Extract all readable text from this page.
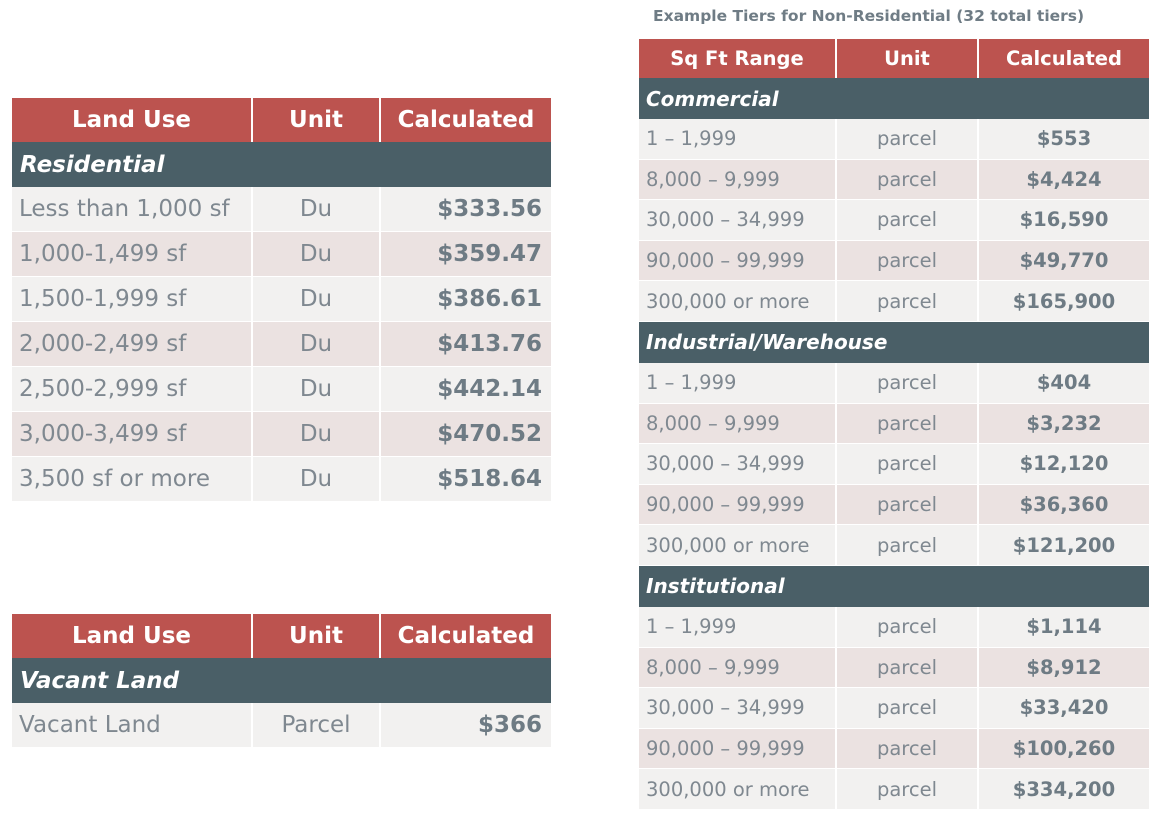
Land Use	Unit	Calculated
Residential		
Less than 1,000 sf	Du	$333.56
1,000-1,499 sf	Du	$359.47
1,500-1,999 sf	Du	$386.61
2,000-2,499 sf	Du	$413.76
2,500-2,999 sf	Du	$442.14
3,000-3,499 sf	Du	$470.52
3,500 sf or more	Du	$518.64
Land Use	Unit	Calculated
Vacant Land		
Vacant Land	Parcel	$366
Example Tiers for Non-Residential (32 total tiers)
Sq Ft Range	Unit	Calculated
Commercial		
1 – 1,999	parcel	$553
8,000 – 9,999	parcel	$4,424
30,000 – 34,999	parcel	$16,590
90,000 – 99,999	parcel	$49,770
300,000 or more	parcel	$165,900
Industrial/Warehouse		
1 – 1,999	parcel	$404
8,000 – 9,999	parcel	$3,232
30,000 – 34,999	parcel	$12,120
90,000 – 99,999	parcel	$36,360
300,000 or more	parcel	$121,200
Institutional		
1 – 1,999	parcel	$1,114
8,000 – 9,999	parcel	$8,912
30,000 – 34,999	parcel	$33,420
90,000 – 99,999	parcel	$100,260
300,000 or more	parcel	$334,200
